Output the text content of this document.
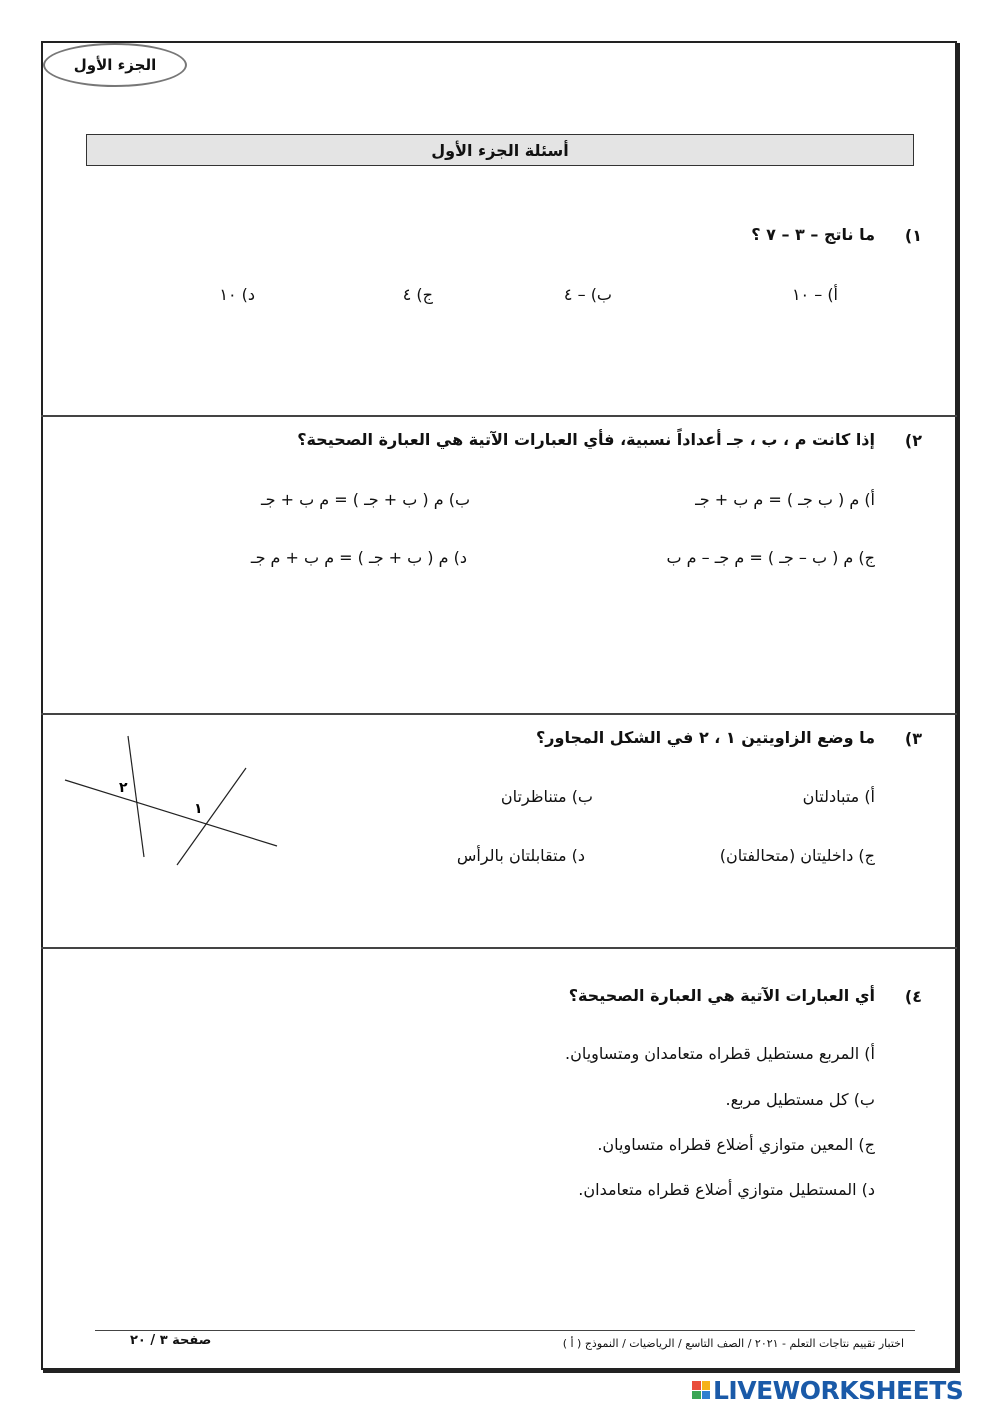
الجزء الأول
أسئلة الجزء الأول
١)
ما ناتج – ٣ – ٧ ؟
أ) – ١٠
ب) – ٤
ج) ٤
د) ١٠
٢)
إذا كانت م ، ب ، جـ أعداداً نسبية، فأي العبارات الآتية هي العبارة الصحيحة؟
أ) م ( ب جـ ) = م ب + جـ
ب) م ( ب + جـ ) = م ب + جـ
ج) م ( ب – جـ ) = م جـ – م ب
د) م ( ب + جـ ) = م ب + م جـ
٣)
ما وضع الزاويتين ١ ، ٢ في الشكل المجاور؟
أ) متبادلتان
ب) متناظرتان
ج) داخليتان (متحالفتان)
د) متقابلتان بالرأس
٢
١
٤)
أي العبارات الآتية هي العبارة الصحيحة؟
أ) المربع مستطيل قطراه متعامدان ومتساويان.
ب) كل مستطيل مربع.
ج) المعين متوازي أضلاع قطراه متساويان.
د) المستطيل متوازي أضلاع قطراه متعامدان.
اختبار تقييم نتاجات التعلم - ٢٠٢١ / الصف التاسع / الرياضيات / النموذج ( أ )
صفحة ٣ / ٢٠
LIVEWORKSHEETS
